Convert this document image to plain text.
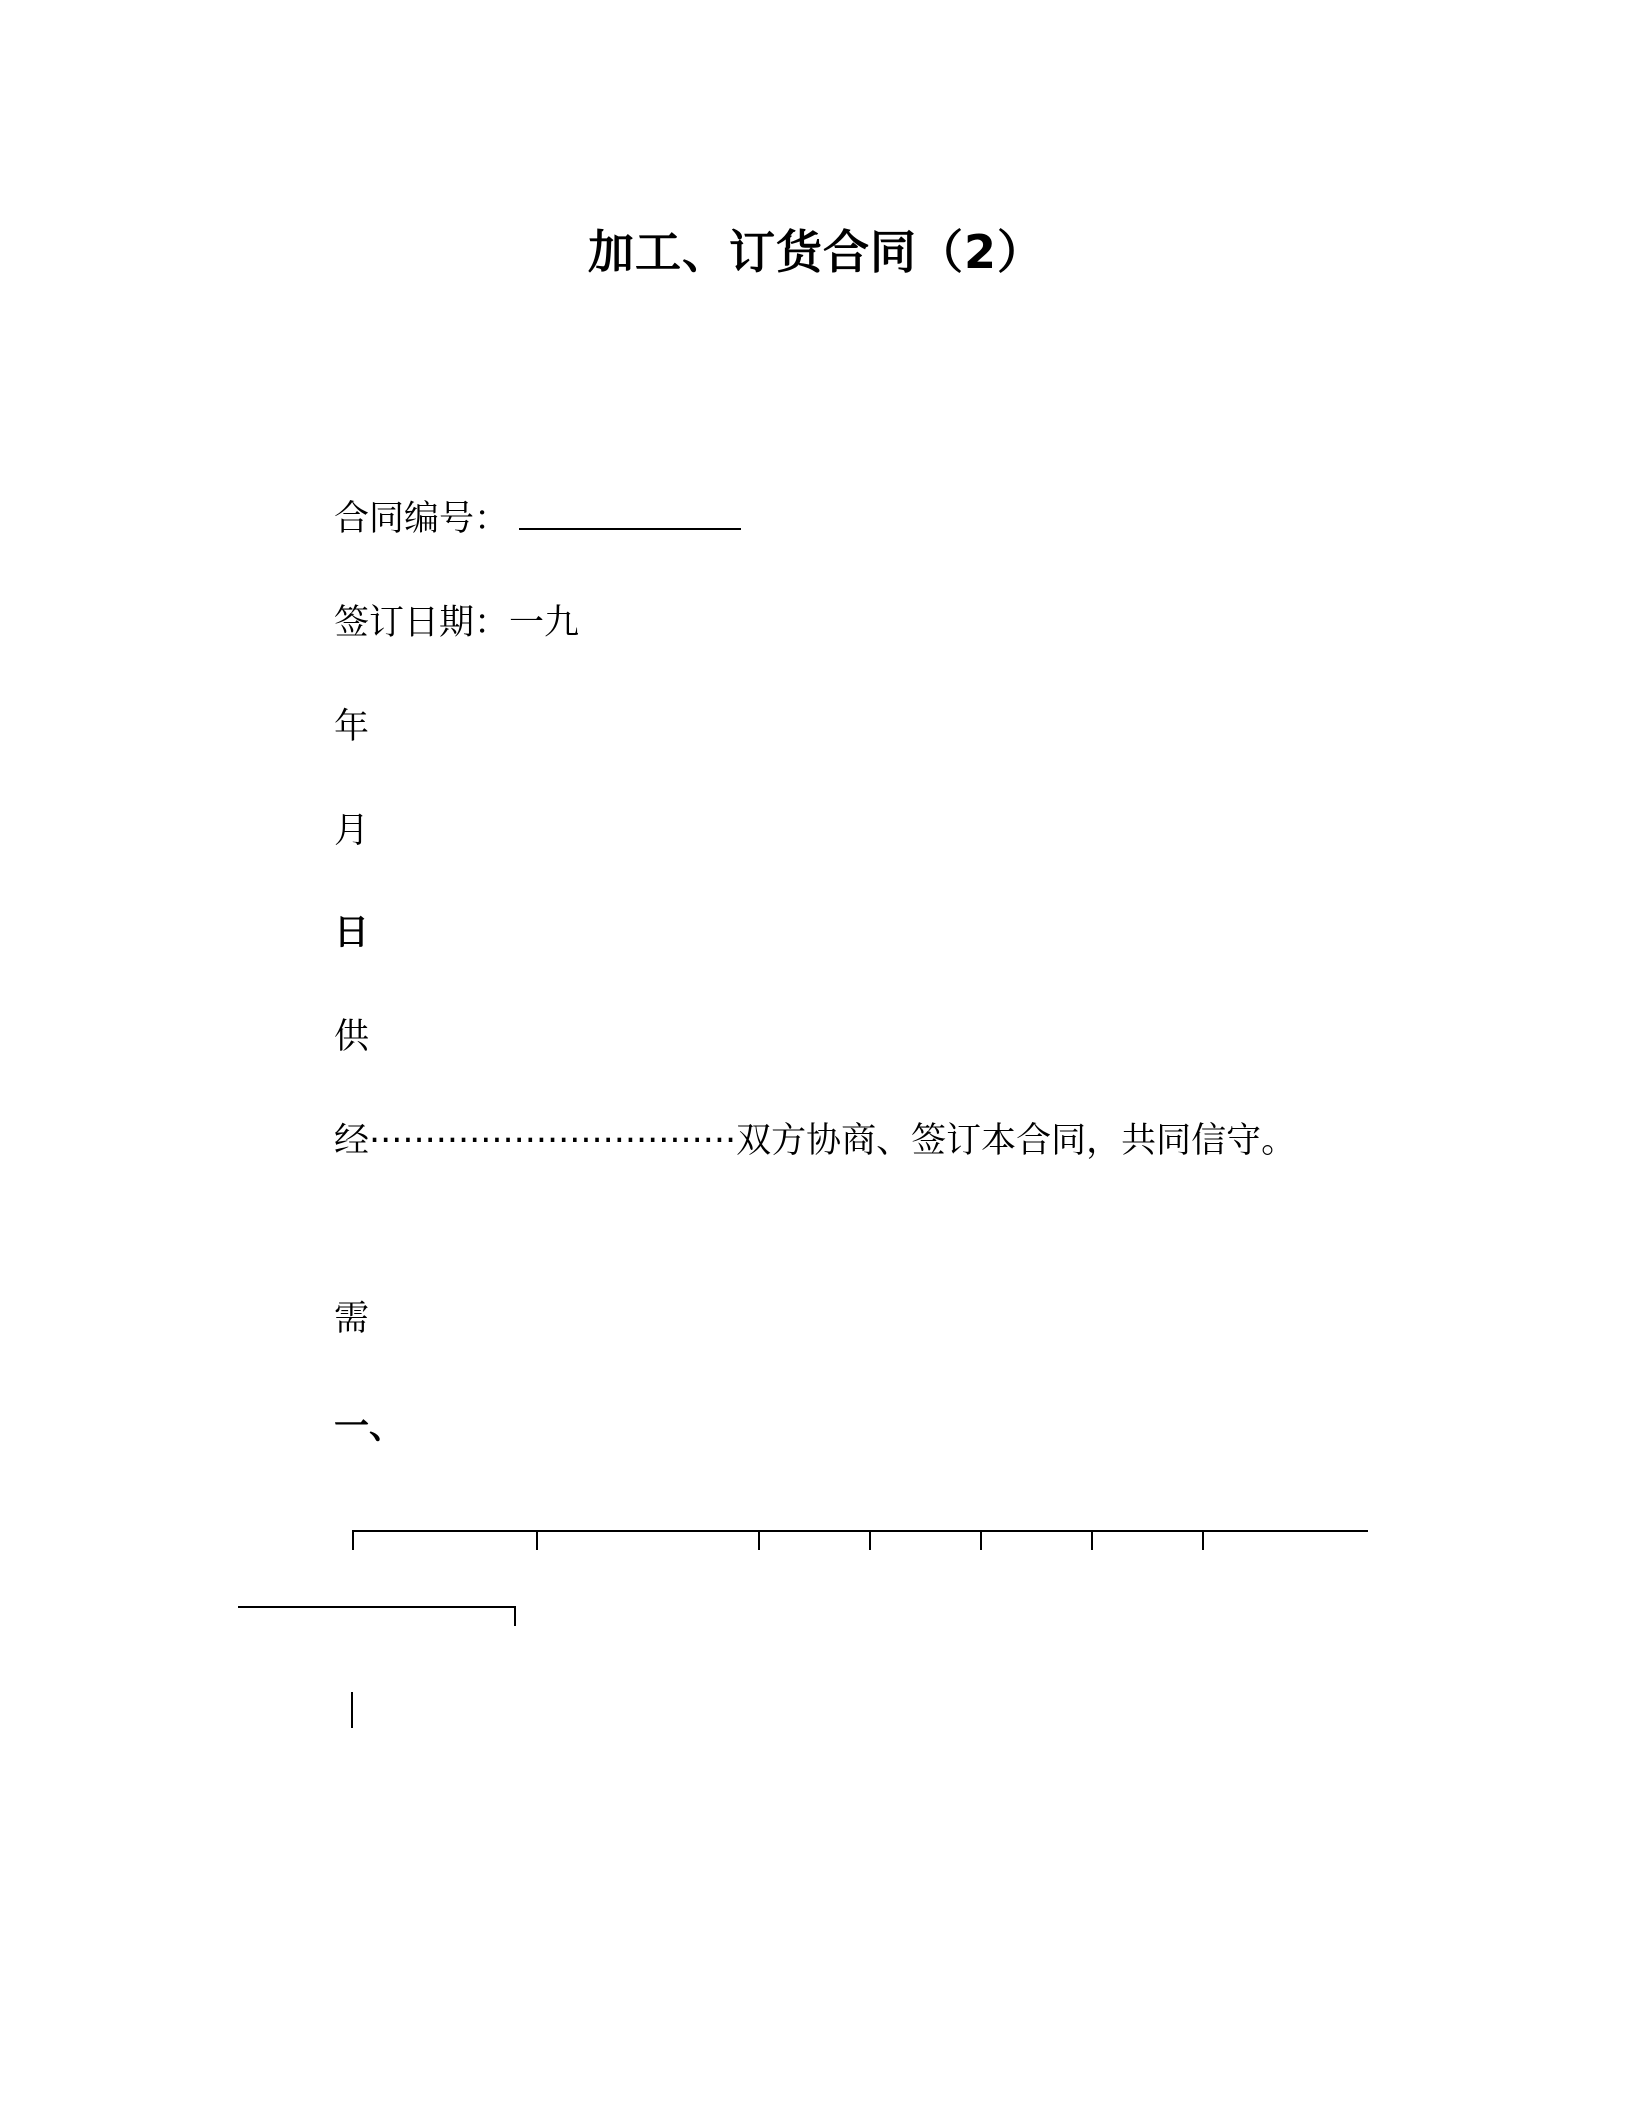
加工、订货合同（2）
合同编号：
签订日期：一九
年
月
日
供
经·································双方协商、签订本合同，共同信守。
需
一、
